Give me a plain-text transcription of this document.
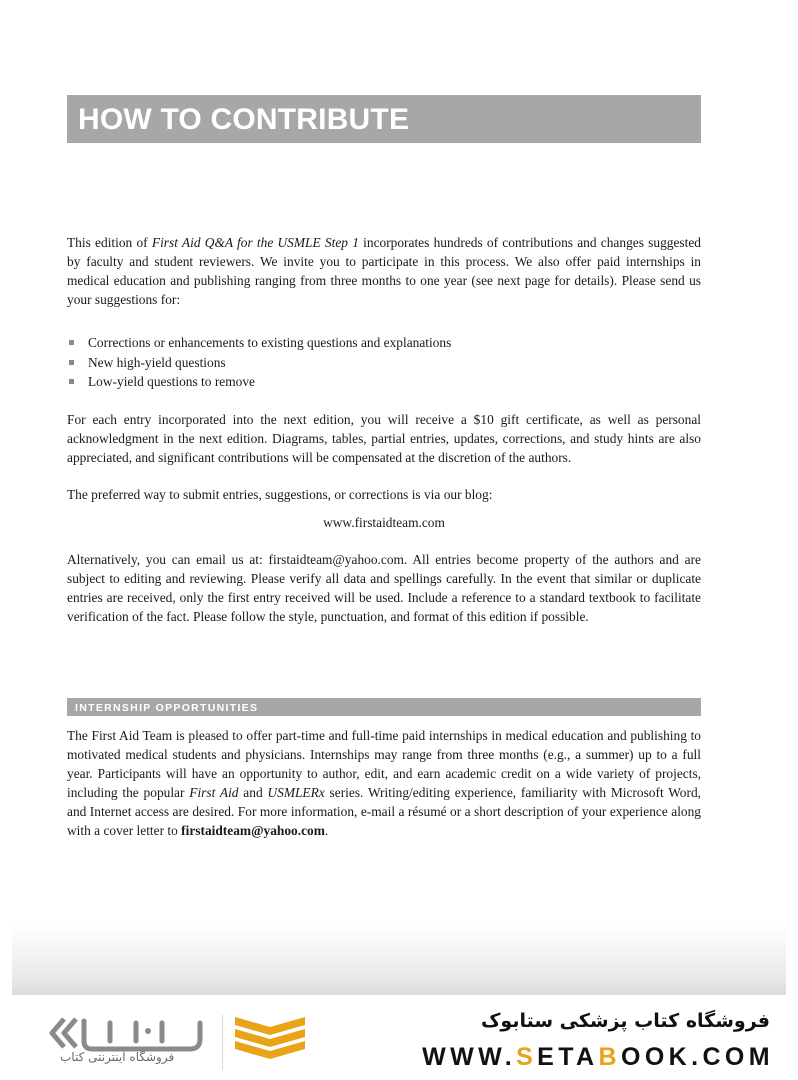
HOW TO CONTRIBUTE

This edition of First Aid Q&A for the USMLE Step 1 incorporates hundreds of contributions and changes suggested by faculty and student reviewers. We invite you to participate in this process. We also offer paid internships in medical education and publishing ranging from three months to one year (see next page for details). Please send us your suggestions for:

Corrections or enhancements to existing questions and explanations
New high-yield questions
Low-yield questions to remove

For each entry incorporated into the next edition, you will receive a $10 gift certificate, as well as personal acknowledgment in the next edition. Diagrams, tables, partial entries, updates, corrections, and study hints are also appreciated, and significant contributions will be compensated at the discretion of the authors.

The preferred way to submit entries, suggestions, or corrections is via our blog:

www.firstaidteam.com

Alternatively, you can email us at: firstaidteam@yahoo.com. All entries become property of the authors and are subject to editing and reviewing. Please verify all data and spellings carefully. In the event that similar or duplicate entries are received, only the first entry received will be used. Include a reference to a standard textbook to facilitate verification of the fact. Please follow the style, punctuation, and format of this edition if possible.

INTERNSHIP OPPORTUNITIES

The First Aid Team is pleased to offer part-time and full-time paid internships in medical education and publishing to motivated medical students and physicians. Internships may range from three months (e.g., a summer) up to a full year. Participants will have an opportunity to author, edit, and earn academic credit on a wide variety of projects, including the popular First Aid and USMLERx series. Writing/editing experience, familiarity with Microsoft Word, and Internet access are desired. For more information, e-mail a résumé or a short description of your experience along with a cover letter to firstaidteam@yahoo.com.

فروشگاه اینترنتی کتاب
فروشگاه کتاب پزشکی ستابوک
WWW.SETABOOK.COM
